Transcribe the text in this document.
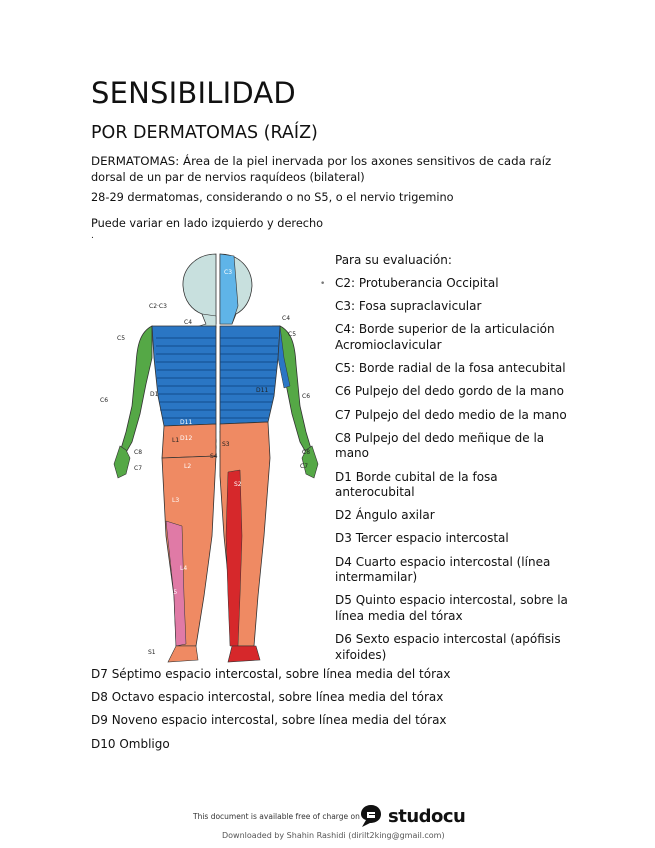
SENSIBILIDAD
POR DERMATOMAS (RAÍZ)
DERMATOMAS: Área de la piel inervada por los axones sensitivos de cada raíz
dorsal de un par de nervios raquídeos (bilateral)
28-29 dermatomas, considerando o no S5, o el nervio trigemino
Puede variar en lado izquierdo y derecho
.
C3
C2·C3
C4
C4
C5
C5
C6
C6
C8	C8
C7	C7
D1
D11
D11
D12
L1
S3
S4
S2
L2
L3
L4
L5
S1
Para su evaluación:
• C2: Protuberancia Occipital
C3: Fosa supraclavicular
C4: Borde superior de la articulación Acromioclavicular
C5: Borde radial de la fosa antecubital
C6 Pulpejo del dedo gordo de la mano
C7 Pulpejo del dedo medio de la mano
C8 Pulpejo del dedo meñique de la mano
D1 Borde cubital de la fosa anterocubital
D2 Ángulo axilar
D3 Tercer espacio intercostal
D4 Cuarto espacio intercostal (línea intermamilar)
D5 Quinto espacio intercostal, sobre la línea media del tórax
D6 Sexto espacio intercostal (apófisis xifoides)
D7 Séptimo espacio intercostal, sobre línea media del tórax
D8 Octavo espacio intercostal, sobre línea media del tórax
D9 Noveno espacio intercostal, sobre línea media del tórax
D10 Ombligo
This document is available free of charge on studocu
Downloaded by Shahin Rashidi (dirilt2king@gmail.com)
